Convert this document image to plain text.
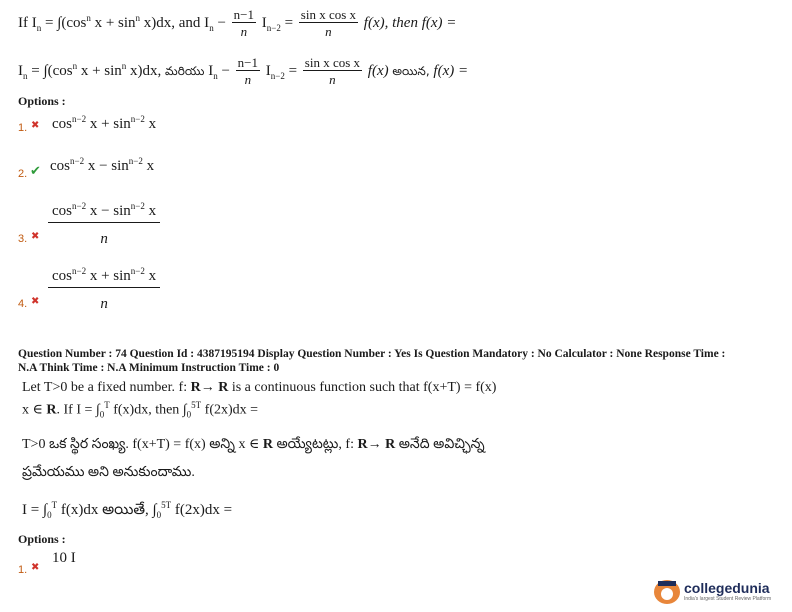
If $I_n = \int(\cos^n$ $x + \sin^n x)dx$, and $I_n - \frac{n-1}{n} I_{n-2} = \frac{\text{sin x cos x}}{n} f(x)$, then f(x) =
$I_n = \int(\cos^n$ $x + \sin^n x)dx$, మరియు $I_n - \frac{n-1}{n} I_{n-2} = \frac{\text{sin x cos x}}{n} f(x)$ అయిన, f(x) =
Options :
1. ✖ $\cos^{n-2} x + \sin^{n-2} x$
2. ✔ $\cos^{n-2} x - \sin^{n-2} x$
3. ✖ $\frac{\cos^{n-2} x - \sin^{n-2} x}{n}$
4. ✖ $\frac{\cos^{n-2} x + \sin^{n-2} x}{n}$
Question Number : 74 Question Id : 4387195194 Display Question Number : Yes Is Question Mandatory : No Calculator : None Response Time :
N.A Think Time : N.A Minimum Instruction Time : 0
Let T>0 be a fixed number. f: R→ R is a continuous function such that f(x+T) = f(x)
x ∈ R. If $I = \int_0^T$ f(x)dx, then $\int_0^{5T}$ f(2x)dx =
T>0 ఒక స్థిర సంఖ్య. f(x+T) = f(x) అన్ని x ∈ R అయ్యేటట్లు, f: R→ R అనేది అవిచ్ఛిన్న
ప్రమేయము అని అనుకుందాము.
$I = \int_0^T$ f(x)dx అయితే, $\int_0^{5T}$ f(2x)dx =
Options :
1. ✖
10 I
collegedunia
India's largest Student Review Platform
